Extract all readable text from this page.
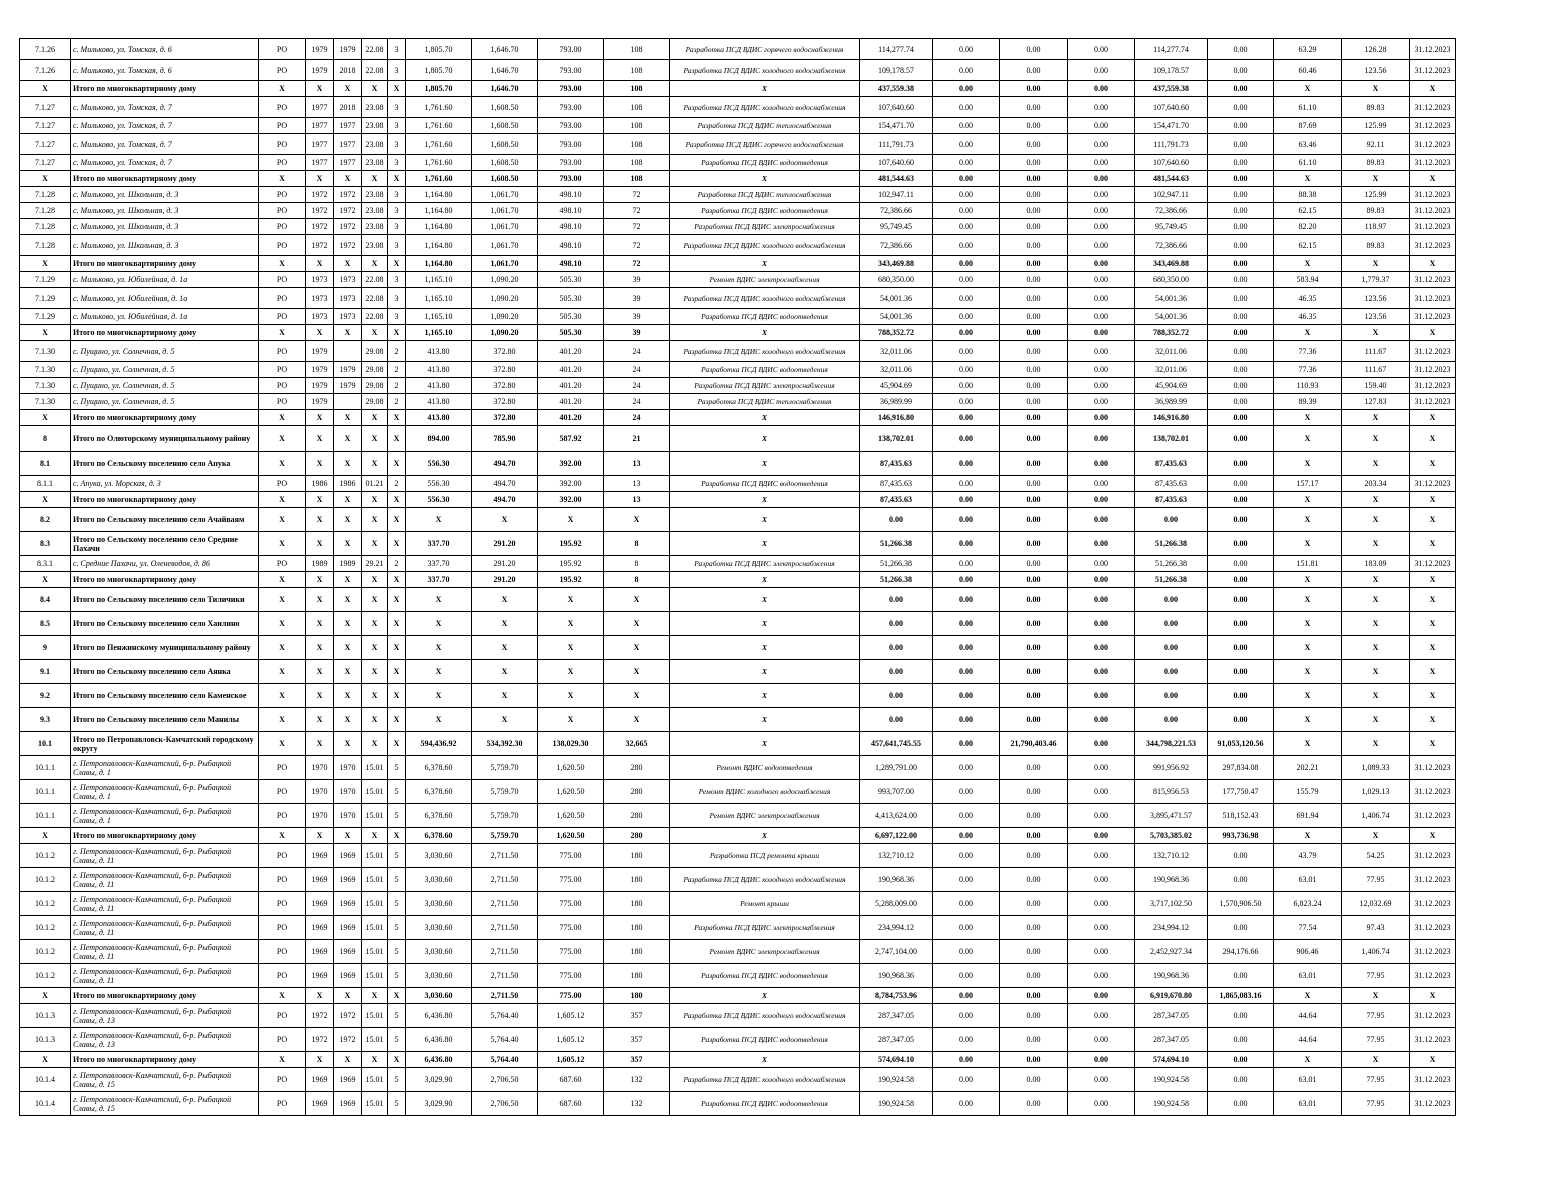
7.1.26	с. Мильково, ул. Томская, д. 6	РО	1979	1979	22.08	3	1,805.70	1,646.70	793.00	108	Разработка ПСД ВДИС горячего водоснабжения	114,277.74	0.00	0.00	0.00	114,277.74	0.00	63.29	126.28	31.12.2023
7.1.26	с. Мильково, ул. Томская, д. 6	РО	1979	2018	22.08	3	1,805.70	1,646.70	793.00	108	Разработка ПСД ВДИС холодного водоснабжения	109,178.57	0.00	0.00	0.00	109,178.57	0.00	60.46	123.56	31.12.2023
X	Итого по многоквартирному дому	X	X	X	X	X	1,805.70	1,646.70	793.00	108	X	437,559.38	0.00	0.00	0.00	437,559.38	0.00	X	X	X
7.1.27	с. Мильково, ул. Томская, д. 7	РО	1977	2018	23.08	3	1,761.60	1,608.50	793.00	108	Разработка ПСД ВДИС холодного водоснабжения	107,640.60	0.00	0.00	0.00	107,640.60	0.00	61.10	89.83	31.12.2023
7.1.27	с. Мильково, ул. Томская, д. 7	РО	1977	1977	23.08	3	1,761.60	1,608.50	793.00	108	Разработка ПСД ВДИС теплоснабжения	154,471.70	0.00	0.00	0.00	154,471.70	0.00	87.69	125.99	31.12.2023
7.1.27	с. Мильково, ул. Томская, д. 7	РО	1977	1977	23.08	3	1,761.60	1,608.50	793.00	108	Разработка ПСД ВДИС горячего водоснабжения	111,791.73	0.00	0.00	0.00	111,791.73	0.00	63.46	92.11	31.12.2023
7.1.27	с. Мильково, ул. Томская, д. 7	РО	1977	1977	23.08	3	1,761.60	1,608.50	793.00	108	Разработка ПСД ВДИС водоотведения	107,640.60	0.00	0.00	0.00	107,640.60	0.00	61.10	89.83	31.12.2023
X	Итого по многоквартирному дому	X	X	X	X	X	1,761.60	1,608.50	793.00	108	X	481,544.63	0.00	0.00	0.00	481,544.63	0.00	X	X	X
7.1.28	с. Мильково, ул. Школьная, д. 3	РО	1972	1972	23.08	3	1,164.80	1,061.70	498.10	72	Разработка ПСД ВДИС теплоснабжения	102,947.11	0.00	0.00	0.00	102,947.11	0.00	88.38	125.99	31.12.2023
7.1.28	с. Мильково, ул. Школьная, д. 3	РО	1972	1972	23.08	3	1,164.80	1,061.70	498.10	72	Разработка ПСД ВДИС водоотведения	72,386.66	0.00	0.00	0.00	72,386.66	0.00	62.15	89.83	31.12.2023
7.1.28	с. Мильково, ул. Школьная, д. 3	РО	1972	1972	23.08	3	1,164.80	1,061.70	498.10	72	Разработка ПСД ВДИС электроснабжения	95,749.45	0.00	0.00	0.00	95,749.45	0.00	82.20	118.97	31.12.2023
7.1.28	с. Мильково, ул. Школьная, д. 3	РО	1972	1972	23.08	3	1,164.80	1,061.70	498.10	72	Разработка ПСД ВДИС холодного водоснабжения	72,386.66	0.00	0.00	0.00	72,386.66	0.00	62.15	89.83	31.12.2023
X	Итого по многоквартирному дому	X	X	X	X	X	1,164.80	1,061.70	498.10	72	X	343,469.88	0.00	0.00	0.00	343,469.88	0.00	X	X	X
7.1.29	с. Мильково, ул. Юбилейная, д. 1а	РО	1973	1973	22.08	3	1,165.10	1,090.20	505.30	39	Ремонт ВДИС электроснабжения	680,350.00	0.00	0.00	0.00	680,350.00	0.00	583.94	1,779.37	31.12.2023
7.1.29	с. Мильково, ул. Юбилейная, д. 1а	РО	1973	1973	22.08	3	1,165.10	1,090.20	505.30	39	Разработка ПСД ВДИС холодного водоснабжения	54,001.36	0.00	0.00	0.00	54,001.36	0.00	46.35	123.56	31.12.2023
7.1.29	с. Мильково, ул. Юбилейная, д. 1а	РО	1973	1973	22.08	3	1,165.10	1,090.20	505.30	39	Разработка ПСД ВДИС водоотведения	54,001.36	0.00	0.00	0.00	54,001.36	0.00	46.35	123.56	31.12.2023
X	Итого по многоквартирному дому	X	X	X	X	X	1,165.10	1,090.20	505.30	39	X	788,352.72	0.00	0.00	0.00	788,352.72	0.00	X	X	X
7.1.30	с. Пущино, ул. Солнечная, д. 5	РО	1979		29.08	2	413.80	372.80	401.20	24	Разработка ПСД ВДИС холодного водоснабжения	32,011.06	0.00	0.00	0.00	32,011.06	0.00	77.36	111.67	31.12.2023
7.1.30	с. Пущино, ул. Солнечная, д. 5	РО	1979	1979	29.08	2	413.80	372.80	401.20	24	Разработка ПСД ВДИС водоотведения	32,011.06	0.00	0.00	0.00	32,011.06	0.00	77.36	111.67	31.12.2023
7.1.30	с. Пущино, ул. Солнечная, д. 5	РО	1979	1979	29.08	2	413.80	372.80	401.20	24	Разработка ПСД ВДИС электроснабжения	45,904.69	0.00	0.00	0.00	45,904.69	0.00	110.93	159.40	31.12.2023
7.1.30	с. Пущино, ул. Солнечная, д. 5	РО	1979		29.08	2	413.80	372.80	401.20	24	Разработка ПСД ВДИС теплоснабжения	36,989.99	0.00	0.00	0.00	36,989.99	0.00	89.39	127.83	31.12.2023
X	Итого по многоквартирному дому	X	X	X	X	X	413.80	372.80	401.20	24	X	146,916.80	0.00	0.00	0.00	146,916.80	0.00	X	X	X
8	Итого по Олюторскому муниципальному району	X	X	X	X	X	894.00	785.90	587.92	21	X	138,702.01	0.00	0.00	0.00	138,702.01	0.00	X	X	X
8.1	Итого по Сельскому поселению село Апука	X	X	X	X	X	556.30	494.70	392.00	13	X	87,435.63	0.00	0.00	0.00	87,435.63	0.00	X	X	X
8.1.1	с. Апука, ул. Морская, д. 3	РО	1986	1986	01.21	2	556.30	494.70	392.00	13	Разработка ПСД ВДИС водоотведения	87,435.63	0.00	0.00	0.00	87,435.63	0.00	157.17	203.34	31.12.2023
X	Итого по многоквартирному дому	X	X	X	X	X	556.30	494.70	392.00	13	X	87,435.63	0.00	0.00	0.00	87,435.63	0.00	X	X	X
8.2	Итого по Сельскому поселению село Ачайваям	X	X	X	X	X	X	X	X	X	X	0.00	0.00	0.00	0.00	0.00	0.00	X	X	X
8.3	Итого по Сельскому поселению село Средние Пахачи	X	X	X	X	X	337.70	291.20	195.92	8	X	51,266.38	0.00	0.00	0.00	51,266.38	0.00	X	X	X
8.3.1	с. Средние Пахачи, ул. Оленеводов, д. 86	РО	1989	1989	29.21	2	337.70	291.20	195.92	8	Разработка ПСД ВДИС электроснабжения	51,266.38	0.00	0.00	0.00	51,266.38	0.00	151.81	183.09	31.12.2023
X	Итого по многоквартирному дому	X	X	X	X	X	337.70	291.20	195.92	8	X	51,266.38	0.00	0.00	0.00	51,266.38	0.00	X	X	X
8.4	Итого по Сельскому поселению село Тиличики	X	X	X	X	X	X	X	X	X	X	0.00	0.00	0.00	0.00	0.00	0.00	X	X	X
8.5	Итого по Сельскому поселению село Хаилино	X	X	X	X	X	X	X	X	X	X	0.00	0.00	0.00	0.00	0.00	0.00	X	X	X
9	Итого по Пенжинскому муниципальному району	X	X	X	X	X	X	X	X	X	X	0.00	0.00	0.00	0.00	0.00	0.00	X	X	X
9.1	Итого по Сельскому поселению село Аянка	X	X	X	X	X	X	X	X	X	X	0.00	0.00	0.00	0.00	0.00	0.00	X	X	X
9.2	Итого по Сельскому поселению село Каменское	X	X	X	X	X	X	X	X	X	X	0.00	0.00	0.00	0.00	0.00	0.00	X	X	X
9.3	Итого по Сельскому поселению село Манилы	X	X	X	X	X	X	X	X	X	X	0.00	0.00	0.00	0.00	0.00	0.00	X	X	X
10.1	Итого по Петропавловск-Камчатский городскому округу	X	X	X	X	X	594,436.92	534,392.30	138,029.30	32,665	X	457,641,745.55	0.00	21,790,403.46	0.00	344,798,221.53	91,053,120.56	X	X	X
10.1.1	г. Петропавловск-Камчатский, б-р. Рыбацкой Славы, д. 1	РО	1970	1970	15.01	5	6,378.60	5,759.70	1,620.50	280	Ремонт ВДИС водоотведения	1,289,791.00	0.00	0.00	0.00	991,956.92	297,834.08	202.21	1,089.33	31.12.2023
10.1.1	г. Петропавловск-Камчатский, б-р. Рыбацкой Славы, д. 1	РО	1970	1970	15.01	5	6,378.60	5,759.70	1,620.50	280	Ремонт ВДИС холодного водоснабжения	993,707.00	0.00	0.00	0.00	815,956.53	177,750.47	155.79	1,029.13	31.12.2023
10.1.1	г. Петропавловск-Камчатский, б-р. Рыбацкой Славы, д. 1	РО	1970	1970	15.01	5	6,378.60	5,759.70	1,620.50	280	Ремонт ВДИС электроснабжения	4,413,624.00	0.00	0.00	0.00	3,895,471.57	518,152.43	691.94	1,406.74	31.12.2023
X	Итого по многоквартирному дому	X	X	X	X	X	6,378.60	5,759.70	1,620.50	280	X	6,697,122.00	0.00	0.00	0.00	5,703,385.02	993,736.98	X	X	X
10.1.2	г. Петропавловск-Камчатский, б-р. Рыбацкой Славы, д. 11	РО	1969	1969	15.01	5	3,030.60	2,711.50	775.00	180	Разработка ПСД ремонта крыши	132,710.12	0.00	0.00	0.00	132,710.12	0.00	43.79	54.25	31.12.2023
10.1.2	г. Петропавловск-Камчатский, б-р. Рыбацкой Славы, д. 11	РО	1969	1969	15.01	5	3,030.60	2,711.50	775.00	180	Разработка ПСД ВДИС холодного водоснабжения	190,968.36	0.00	0.00	0.00	190,968.36	0.00	63.01	77.95	31.12.2023
10.1.2	г. Петропавловск-Камчатский, б-р. Рыбацкой Славы, д. 11	РО	1969	1969	15.01	5	3,030.60	2,711.50	775.00	180	Ремонт крыши	5,288,009.00	0.00	0.00	0.00	3,717,102.50	1,570,906.50	6,823.24	12,032.69	31.12.2023
10.1.2	г. Петропавловск-Камчатский, б-р. Рыбацкой Славы, д. 11	РО	1969	1969	15.01	5	3,030.60	2,711.50	775.00	180	Разработка ПСД ВДИС электроснабжения	234,994.12	0.00	0.00	0.00	234,994.12	0.00	77.54	97.43	31.12.2023
10.1.2	г. Петропавловск-Камчатский, б-р. Рыбацкой Славы, д. 11	РО	1969	1969	15.01	5	3,030.60	2,711.50	775.00	180	Ремонт ВДИС электроснабжения	2,747,104.00	0.00	0.00	0.00	2,452,927.34	294,176.66	906.46	1,406.74	31.12.2023
10.1.2	г. Петропавловск-Камчатский, б-р. Рыбацкой Славы, д. 11	РО	1969	1969	15.01	5	3,030.60	2,711.50	775.00	180	Разработка ПСД ВДИС водоотведения	190,968.36	0.00	0.00	0.00	190,968.36	0.00	63.01	77.95	31.12.2023
X	Итого по многоквартирному дому	X	X	X	X	X	3,030.60	2,711.50	775.00	180	X	8,784,753.96	0.00	0.00	0.00	6,919,670.80	1,865,083.16	X	X	X
10.1.3	г. Петропавловск-Камчатский, б-р. Рыбацкой Славы, д. 13	РО	1972	1972	15.01	5	6,436.80	5,764.40	1,605.12	357	Разработка ПСД ВДИС холодного водоснабжения	287,347.05	0.00	0.00	0.00	287,347.05	0.00	44.64	77.95	31.12.2023
10.1.3	г. Петропавловск-Камчатский, б-р. Рыбацкой Славы, д. 13	РО	1972	1972	15.01	5	6,436.80	5,764.40	1,605.12	357	Разработка ПСД ВДИС водоотведения	287,347.05	0.00	0.00	0.00	287,347.05	0.00	44.64	77.95	31.12.2023
X	Итого по многоквартирному дому	X	X	X	X	X	6,436.80	5,764.40	1,605.12	357	X	574,694.10	0.00	0.00	0.00	574,694.10	0.00	X	X	X
10.1.4	г. Петропавловск-Камчатский, б-р. Рыбацкой Славы, д. 15	РО	1969	1969	15.01	5	3,029.90	2,706.50	687.60	132	Разработка ПСД ВДИС холодного водоснабжения	190,924.58	0.00	0.00	0.00	190,924.58	0.00	63.01	77.95	31.12.2023
10.1.4	г. Петропавловск-Камчатский, б-р. Рыбацкой Славы, д. 15	РО	1969	1969	15.01	5	3,029.90	2,706.50	687.60	132	Разработка ПСД ВДИС водоотведения	190,924.58	0.00	0.00	0.00	190,924.58	0.00	63.01	77.95	31.12.2023
